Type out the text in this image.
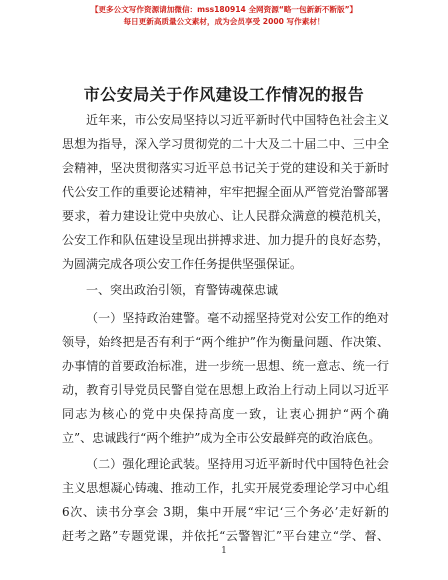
【更多公文写作资源请加微信：mss180914 全网资源“略一包新新不断版”】
每日更新高质量公文素材，成为会员享受 2000 写作素材！
市公安局关于作风建设工作情况的报告
近年来，市公安局坚持以习近平新时代中国特色社会主义
思想为指导，深入学习贯彻党的二十大及二十届二中、三中全
会精神，坚决贯彻落实习近平总书记关于党的建设和关于新时
代公安工作的重要论述精神，牢牢把握全面从严管党治警部署
要求，着力建设让党中央放心、让人民群众满意的模范机关，
公安工作和队伍建设呈现出拼搏求进、加力提升的良好态势，
为圆满完成各项公安工作任务提供坚强保证。
一、突出政治引领，育警铸魂葆忠诚
（一）坚持政治建警。毫不动摇坚持党对公安工作的绝对
领导，始终把是否有利于“两个维护”作为衡量问题、作决策、
办事情的首要政治标准，进一步统一思想、统一意志、统一行
动，教育引导党员民警自觉在思想上政治上行动上同以习近平
同志为核心的党中央保持高度一致，让衷心拥护“两个确
立”、忠诚践行“两个维护”成为全市公安最鲜亮的政治底色。
（二）强化理论武装。坚持用习近平新时代中国特色社会
主义思想凝心铸魂、推动工作，扎实开展党委理论学习中心组
6次、读书分享会 3期，集中开展“牢记‘三个务必’走好新的
赶考之路”专题党课，并依托“云警智汇”平台建立“学、督、
1
